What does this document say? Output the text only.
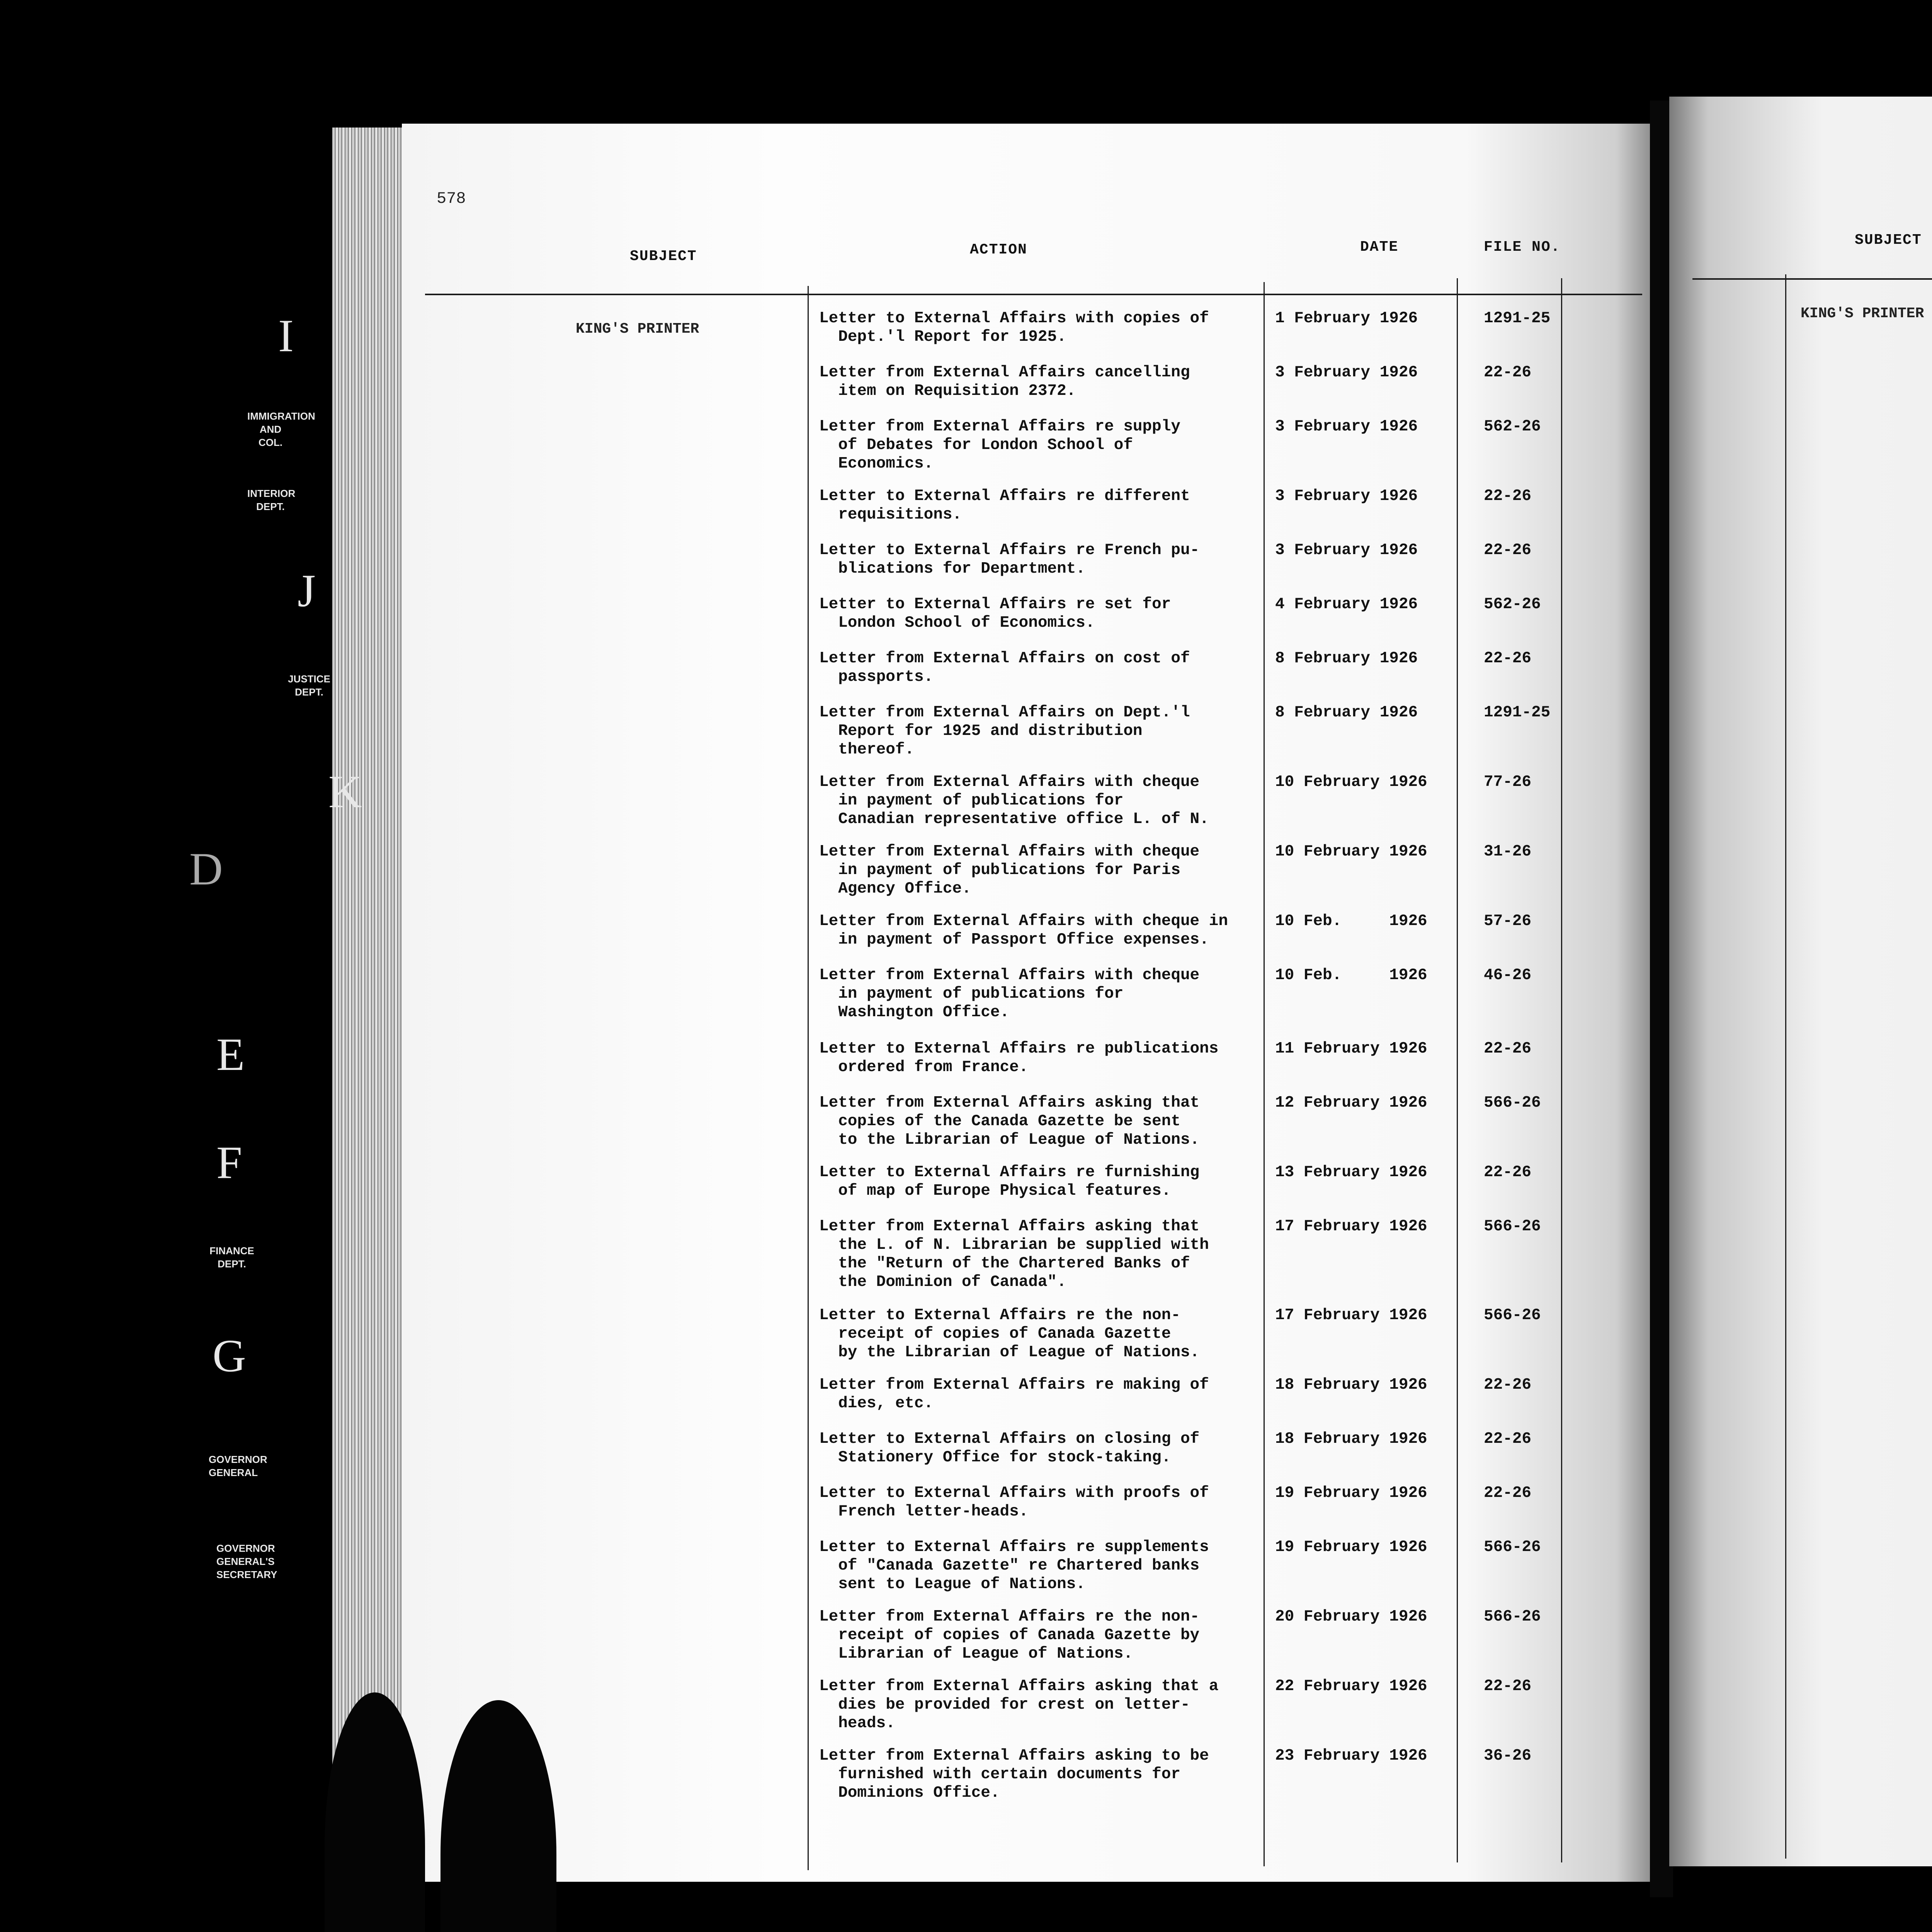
I
IMMIGRATION AND COL.
INTERIOR DEPT.
J
JUSTICE DEPT.
K
D
E
F
FINANCE DEPT.
G
GOVERNOR GENERAL
GOVERNOR GENERAL'S SECRETARY
578
SUBJECT	ACTION	DATE	FILE NO.
KING'S PRINTER
Letter to External Affairs with copies of
Dept.'l Report for 1925.
1 February 1926	1291-25
Letter from External Affairs cancelling
item on Requisition 2372.
3 February 1926	22-26
Letter from External Affairs re supply
of Debates for London School of
Economics.
3 February 1926	562-26
Letter to External Affairs re different
requisitions.
3 February 1926	22-26
Letter to External Affairs re French pu-
blications for Department.
3 February 1926	22-26
Letter to External Affairs re set for
London School of Economics.
4 February 1926	562-26
Letter from External Affairs on cost of
passports.
8 February 1926	22-26
Letter from External Affairs on Dept.'l
Report for 1925 and distribution
thereof.
8 February 1926	1291-25
Letter from External Affairs with cheque
in payment of publications for
Canadian representative office L. of N.
10 February 1926	77-26
Letter from External Affairs with cheque
in payment of publications for Paris
Agency Office.
10 February 1926	31-26
Letter from External Affairs with cheque in
in payment of Passport Office expenses.
10 Feb.     1926	57-26
Letter from External Affairs with cheque
in payment of publications for
Washington Office.
10 Feb.     1926	46-26
Letter to External Affairs re publications
ordered from France.
11 February 1926	22-26
Letter from External Affairs asking that
copies of the Canada Gazette be sent
to the Librarian of League of Nations.
12 February 1926	566-26
Letter to External Affairs re furnishing
of map of Europe Physical features.
13 February 1926	22-26
Letter from External Affairs asking that
the L. of N. Librarian be supplied with
the "Return of the Chartered Banks of
the Dominion of Canada".
17 February 1926	566-26
Letter to External Affairs re the non-
receipt of copies of Canada Gazette
by the Librarian of League of Nations.
17 February 1926	566-26
Letter from External Affairs re making of
dies, etc.
18 February 1926	22-26
Letter to External Affairs on closing of
Stationery Office for stock-taking.
18 February 1926	22-26
Letter to External Affairs with proofs of
French letter-heads.
19 February 1926	22-26
Letter to External Affairs re supplements
of "Canada Gazette" re Chartered banks
sent to League of Nations.
19 February 1926	566-26
Letter from External Affairs re the non-
receipt of copies of Canada Gazette by
Librarian of League of Nations.
20 February 1926	566-26
Letter from External Affairs asking that a
dies be provided for crest on letter-
heads.
22 February 1926	22-26
Letter from External Affairs asking to be
furnished with certain documents for
Dominions Office.
23 February 1926	36-26
SUBJECT
KING'S PRINTER
